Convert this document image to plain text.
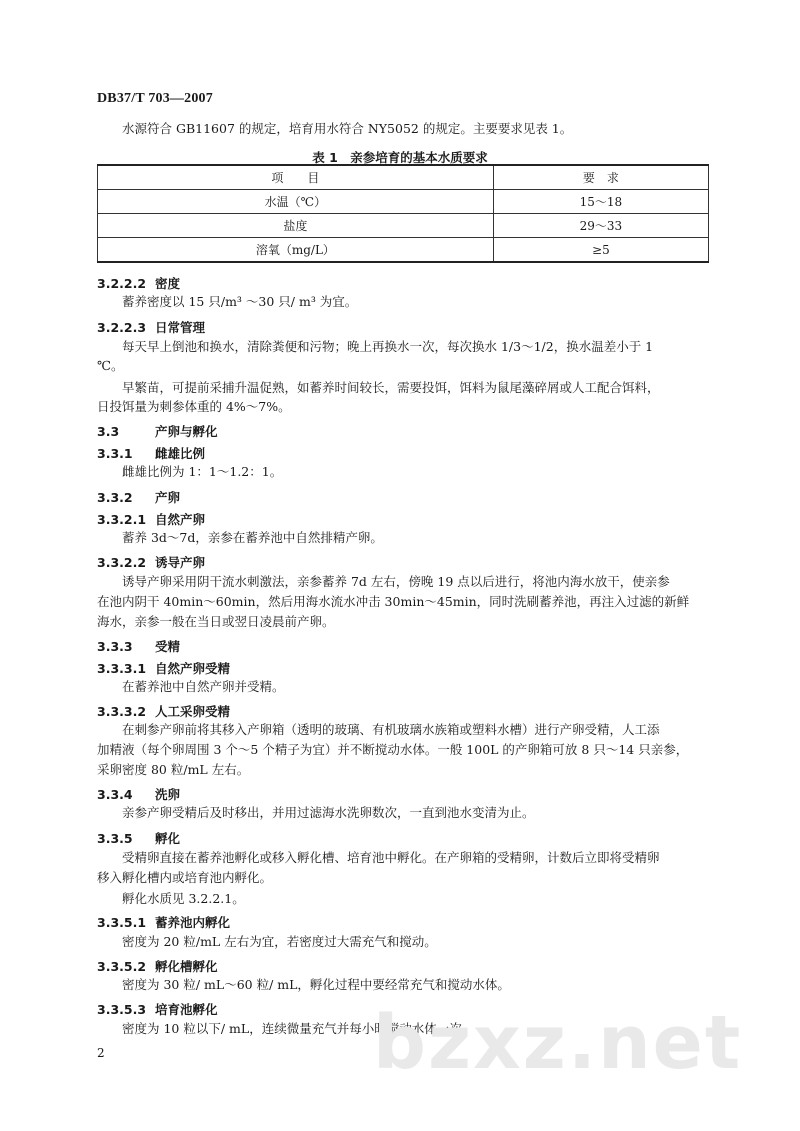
DB37/T 703—2007
水源符合 GB11607 的规定，培育用水符合 NY5052 的规定。主要要求见表 1。
表 1　亲参培育的基本水质要求
项　　目	要　求
水温（℃）	15～18
盐度	29～33
溶氧（mg/L）	≥5
3.2.2.2 密度
蓄养密度以 15 只/m³ ～30 只/ m³ 为宜。
3.2.2.3 日常管理
每天早上倒池和换水，清除粪便和污物；晚上再换水一次，每次换水 1/3～1/2，换水温差小于 1
℃。
早繁苗，可提前采捕升温促熟，如蓄养时间较长，需要投饵，饵料为鼠尾藻碎屑或人工配合饵料，
日投饵量为刺参体重的 4%～7%。
3.3	产卵与孵化
3.3.1 雌雄比例
雌雄比例为 1：1～1.2：1。
3.3.2 产卵
3.3.2.1 自然产卵
蓄养 3d～7d，亲参在蓄养池中自然排精产卵。
3.3.2.2 诱导产卵
诱导产卵采用阴干流水刺激法，亲参蓄养 7d 左右，傍晚 19 点以后进行，将池内海水放干，使亲参
在池内阴干 40min～60min，然后用海水流水冲击 30min～45min，同时洗刷蓄养池，再注入过滤的新鲜
海水，亲参一般在当日或翌日凌晨前产卵。
3.3.3 受精
3.3.3.1 自然产卵受精
在蓄养池中自然产卵并受精。
3.3.3.2 人工采卵受精
在刺参产卵前将其移入产卵箱（透明的玻璃、有机玻璃水族箱或塑料水槽）进行产卵受精，人工添
加精液（每个卵周围 3 个～5 个精子为宜）并不断搅动水体。一般 100L 的产卵箱可放 8 只～14 只亲参，
采卵密度 80 粒/mL 左右。
3.3.4 洗卵
亲参产卵受精后及时移出，并用过滤海水洗卵数次，一直到池水变清为止。
3.3.5 孵化
受精卵直接在蓄养池孵化或移入孵化槽、培育池中孵化。在产卵箱的受精卵，计数后立即将受精卵
移入孵化槽内或培育池内孵化。
孵化水质见 3.2.2.1。
3.3.5.1 蓄养池内孵化
密度为 20 粒/mL 左右为宜，若密度过大需充气和搅动。
3.3.5.2 孵化槽孵化
密度为 30 粒/ mL～60 粒/ mL，孵化过程中要经常充气和搅动水体。
3.3.5.3 培育池孵化
密度为 10 粒以下/ mL，连续微量充气并每小时搅动水体一次。
bzxz.net
2
